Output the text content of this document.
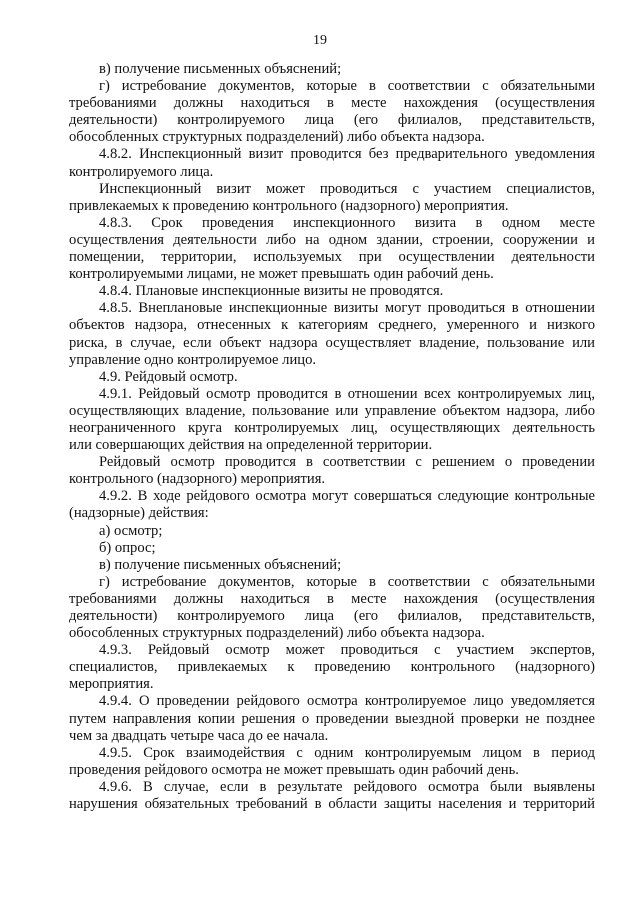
19

в) получение письменных объяснений;

г) истребование документов, которые в соответствии с обязательными

требованиями должны находиться в месте нахождения (осуществления

деятельности) контролируемого лица (его филиалов, представительств,

обособленных структурных подразделений) либо объекта надзора.

4.8.2. Инспекционный визит проводится без предварительного уведомления

контролируемого лица.

Инспекционный визит может проводиться с участием специалистов,

привлекаемых к проведению контрольного (надзорного) мероприятия.

4.8.3. Срок проведения инспекционного визита в одном месте

осуществления деятельности либо на одном здании, строении, сооружении и

помещении, территории, используемых при осуществлении деятельности

контролируемыми лицами, не может превышать один рабочий день.

4.8.4. Плановые инспекционные визиты не проводятся.

4.8.5. Внеплановые инспекционные визиты могут проводиться в отношении

объектов надзора, отнесенных к категориям среднего, умеренного и низкого

риска, в случае, если объект надзора осуществляет владение, пользование или

управление одно контролируемое лицо.

4.9. Рейдовый осмотр.

4.9.1. Рейдовый осмотр проводится в отношении всех контролируемых лиц,

осуществляющих владение, пользование или управление объектом надзора, либо

неограниченного круга контролируемых лиц, осуществляющих деятельность

или совершающих действия на определенной территории.

Рейдовый осмотр проводится в соответствии с решением о проведении

контрольного (надзорного) мероприятия.

4.9.2. В ходе рейдового осмотра могут совершаться следующие контрольные

(надзорные) действия:

а) осмотр;

б) опрос;

в) получение письменных объяснений;

г) истребование документов, которые в соответствии с обязательными

требованиями должны находиться в месте нахождения (осуществления

деятельности) контролируемого лица (его филиалов, представительств,

обособленных структурных подразделений) либо объекта надзора.

4.9.3. Рейдовый осмотр может проводиться с участием экспертов,

специалистов, привлекаемых к проведению контрольного (надзорного)

мероприятия.

4.9.4. О проведении рейдового осмотра контролируемое лицо уведомляется

путем направления копии решения о проведении выездной проверки не позднее

чем за двадцать четыре часа до ее начала.

4.9.5. Срок взаимодействия с одним контролируемым лицом в период

проведения рейдового осмотра не может превышать один рабочий день.

4.9.6. В случае, если в результате рейдового осмотра были выявлены

нарушения обязательных требований в области защиты населения и территорий
